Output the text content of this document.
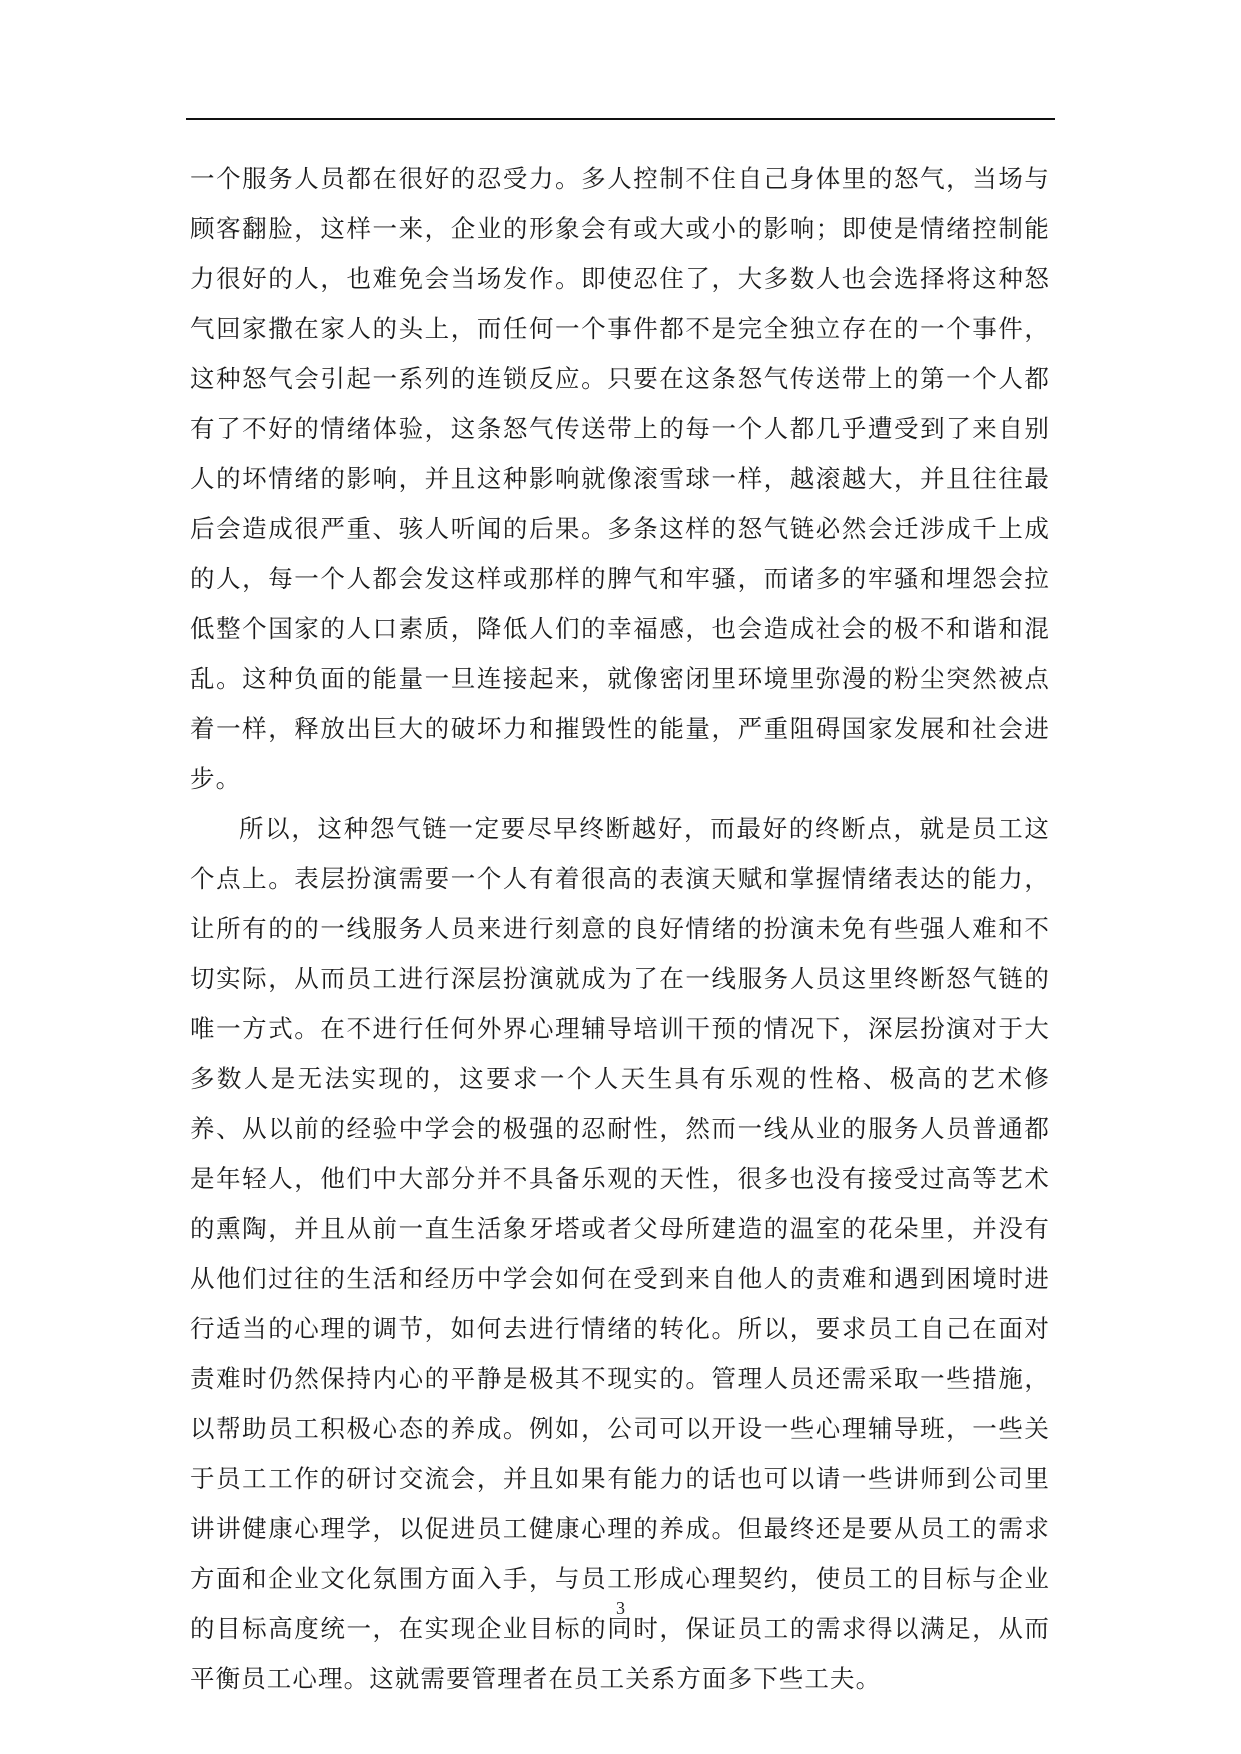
一个服务人员都在很好的忍受力。多人控制不住自己身体里的怒气，当场与顾客翻脸，这样一来，企业的形象会有或大或小的影响；即使是情绪控制能力很好的人，也难免会当场发作。即使忍住了，大多数人也会选择将这种怒气回家撒在家人的头上，而任何一个事件都不是完全独立存在的一个事件，这种怒气会引起一系列的连锁反应。只要在这条怒气传送带上的第一个人都有了不好的情绪体验，这条怒气传送带上的每一个人都几乎遭受到了来自别人的坏情绪的影响，并且这种影响就像滚雪球一样，越滚越大，并且往往最后会造成很严重、骇人听闻的后果。多条这样的怒气链必然会迁涉成千上成的人，每一个人都会发这样或那样的脾气和牢骚，而诸多的牢骚和埋怨会拉低整个国家的人口素质，降低人们的幸福感，也会造成社会的极不和谐和混乱。这种负面的能量一旦连接起来，就像密闭里环境里弥漫的粉尘突然被点着一样，释放出巨大的破坏力和摧毁性的能量，严重阻碍国家发展和社会进步。

所以，这种怨气链一定要尽早终断越好，而最好的终断点，就是员工这个点上。表层扮演需要一个人有着很高的表演天赋和掌握情绪表达的能力，让所有的的一线服务人员来进行刻意的良好情绪的扮演未免有些强人难和不切实际，从而员工进行深层扮演就成为了在一线服务人员这里终断怒气链的唯一方式。在不进行任何外界心理辅导培训干预的情况下，深层扮演对于大多数人是无法实现的，这要求一个人天生具有乐观的性格、极高的艺术修养、从以前的经验中学会的极强的忍耐性，然而一线从业的服务人员普通都是年轻人，他们中大部分并不具备乐观的天性，很多也没有接受过高等艺术的熏陶，并且从前一直生活象牙塔或者父母所建造的温室的花朵里，并没有从他们过往的生活和经历中学会如何在受到来自他人的责难和遇到困境时进行适当的心理的调节，如何去进行情绪的转化。所以，要求员工自己在面对责难时仍然保持内心的平静是极其不现实的。管理人员还需采取一些措施，以帮助员工积极心态的养成。例如，公司可以开设一些心理辅导班，一些关于员工工作的研讨交流会，并且如果有能力的话也可以请一些讲师到公司里讲讲健康心理学，以促进员工健康心理的养成。但最终还是要从员工的需求方面和企业文化氛围方面入手，与员工形成心理契约，使员工的目标与企业的目标高度统一，在实现企业目标的同时，保证员工的需求得以满足，从而平衡员工心理。这就需要管理者在员工关系方面多下些工夫。

3
